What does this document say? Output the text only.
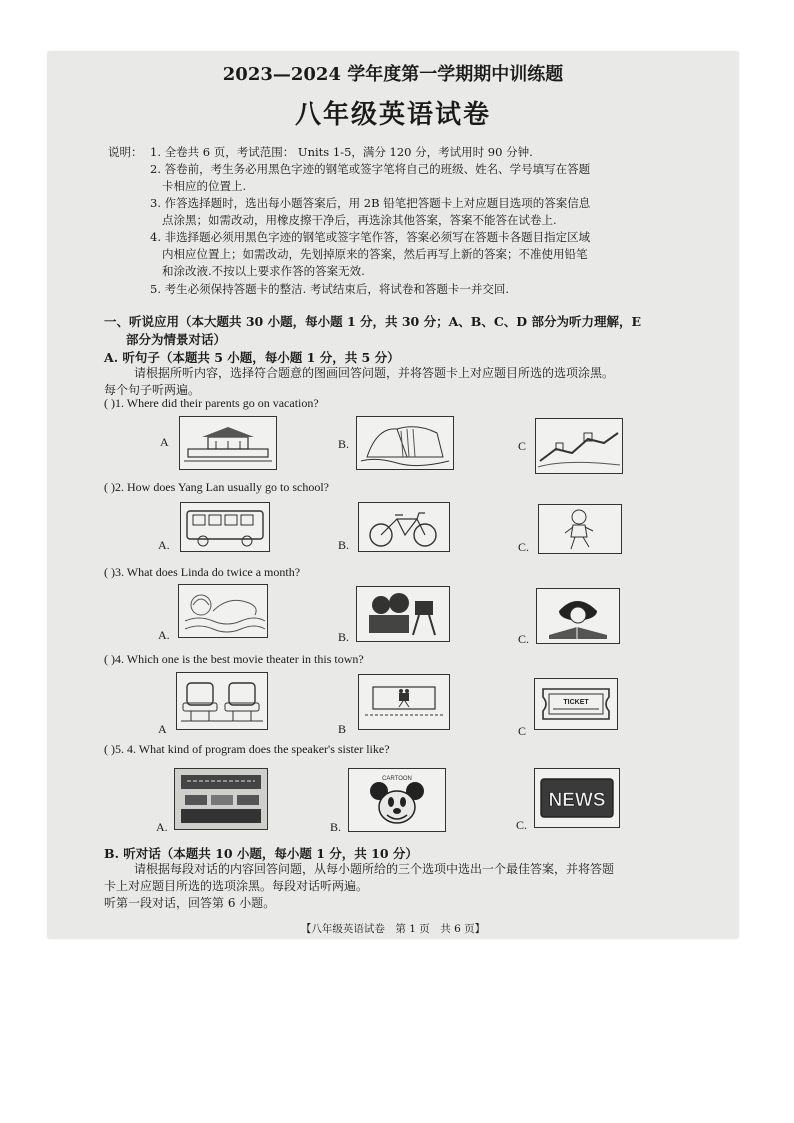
2023—2024 学年度第一学期期中训练题
八年级英语试卷
说明： 1. 全卷共 6 页，考试范围： Units 1-5，满分 120 分，考试用时 90 分钟.
2. 答卷前，考生务必用黑色字迹的钢笔或签字笔将自己的班级、姓名、学号填写在答题
卡相应的位置上.
3. 作答选择题时，选出每小题答案后，用 2B 铅笔把答题卡上对应题目选项的答案信息
点涂黑；如需改动，用橡皮擦干净后，再选涂其他答案，答案不能答在试卷上.
4. 非选择题必须用黑色字迹的钢笔或签字笔作答，答案必须写在答题卡各题目指定区域
内相应位置上；如需改动，先划掉原来的答案，然后再写上新的答案；不准使用铅笔
和涂改液.不按以上要求作答的答案无效.
5. 考生必须保持答题卡的整洁. 考试结束后，将试卷和答题卡一并交回.
一、听说应用（本大题共 30 小题，每小题 1 分，共 30 分；A、B、C、D 部分为听力理解，E
部分为情景对话）
A. 听句子（本题共 5 小题，每小题 1 分，共 5 分）
请根据所听内容，选择符合题意的图画回答问题，并将答题卡上对应题目所选的选项涂黑。
每个句子听两遍。
( )1. Where did their parents go on vacation?
A	B.	C
( )2. How does Yang Lan usually go to school?
A.	B.	C.
( )3. What does Linda do twice a month?
A.	B.	C.
( )4. Which one is the best movie theater in this town?
A	B
TICKET
C
( )5. 4. What kind of program does the speaker's sister like?
A.
CARTOON
B.
NEWS
C.
B. 听对话（本题共 10 小题，每小题 1 分，共 10 分）
请根据每段对话的内容回答问题，从每小题所给的三个选项中选出一个最佳答案，并将答题
卡上对应题目所选的选项涂黑。每段对话听两遍。
听第一段对话，回答第 6 小题。
【八年级英语试卷　第 1 页　共 6 页】
